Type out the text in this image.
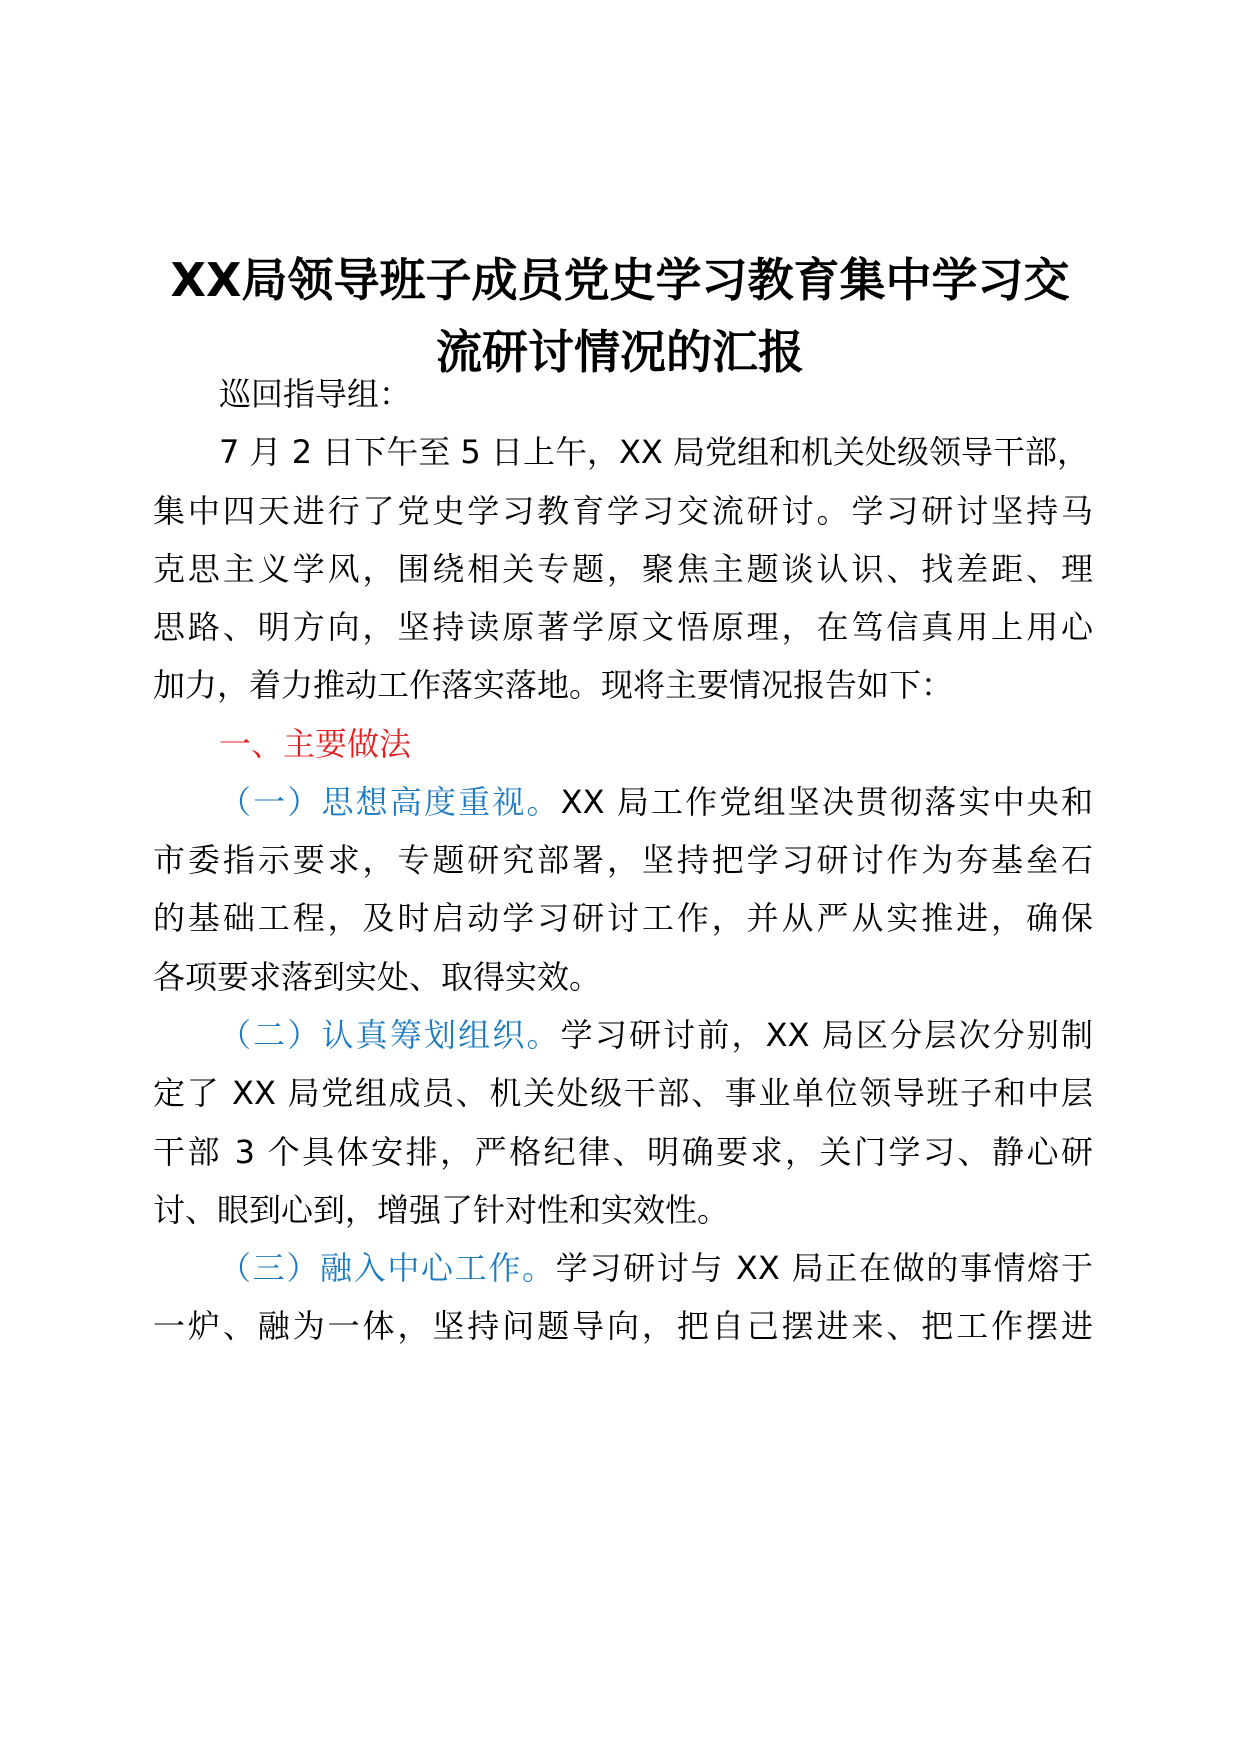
XX局领导班子成员党史学习教育集中学习交
流研讨情况的汇报

巡回指导组：

7 月 2 日下午至 5 日上午，XX 局党组和机关处级领导干部，

集中四天进行了党史学习教育学习交流研讨。学习研讨坚持马

克思主义学风，围绕相关专题，聚焦主题谈认识、找差距、理

思路、明方向，坚持读原著学原文悟原理，在笃信真用上用心

加力，着力推动工作落实落地。现将主要情况报告如下：

一、主要做法

（一）思想高度重视。XX 局工作党组坚决贯彻落实中央和

市委指示要求，专题研究部署，坚持把学习研讨作为夯基垒石

的基础工程，及时启动学习研讨工作，并从严从实推进，确保

各项要求落到实处、取得实效。

（二）认真筹划组织。学习研讨前，XX 局区分层次分别制

定了 XX 局党组成员、机关处级干部、事业单位领导班子和中层

干部 3 个具体安排，严格纪律、明确要求，关门学习、静心研

讨、眼到心到，增强了针对性和实效性。

（三）融入中心工作。学习研讨与 XX 局正在做的事情熔于

一炉、融为一体，坚持问题导向，把自己摆进来、把工作摆进
